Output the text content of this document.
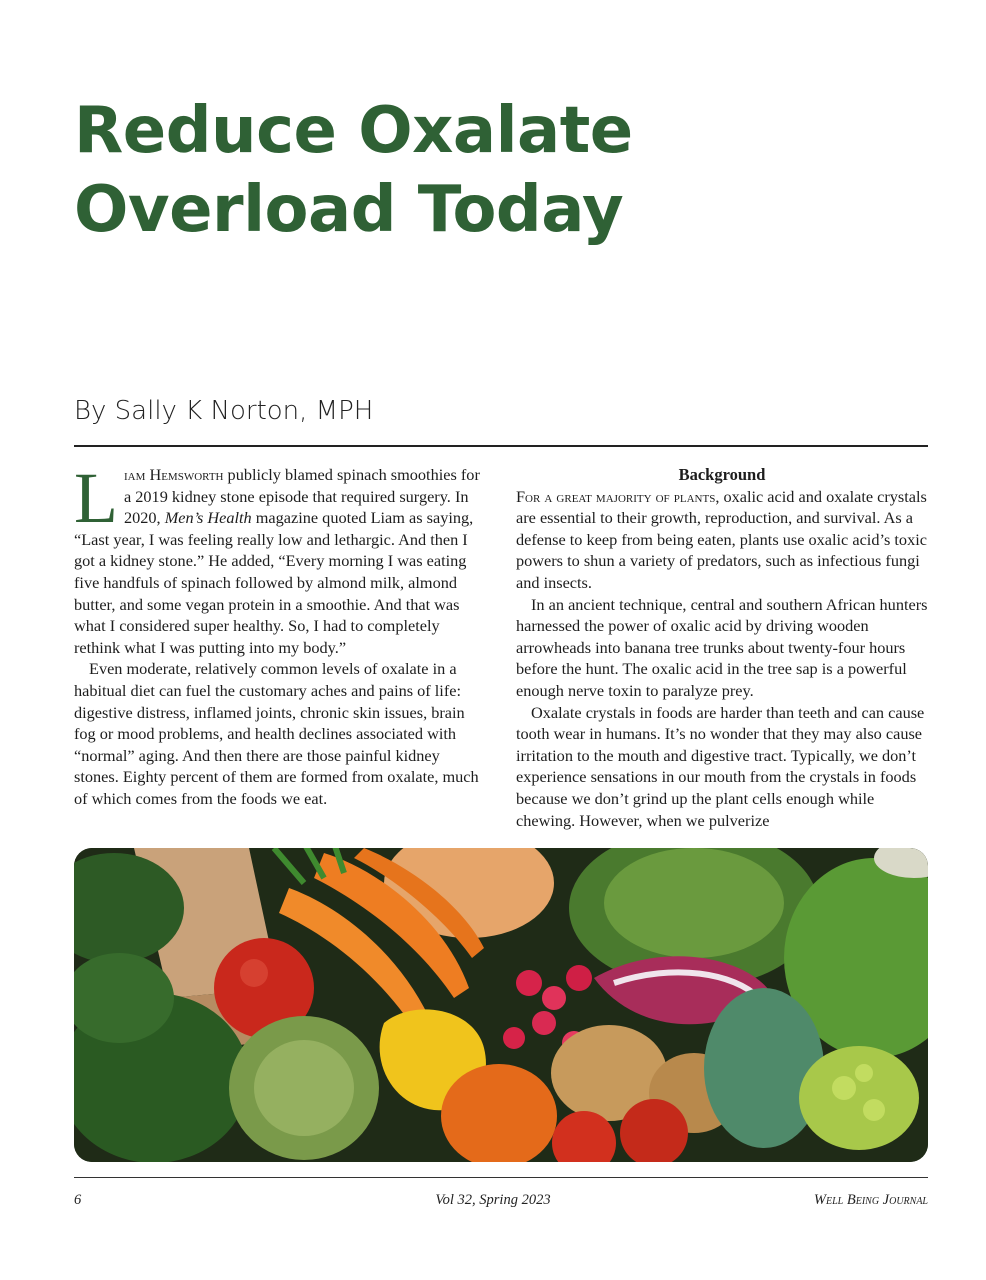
Reduce Oxalate Overload Today

By Sally K Norton, MPH

Liam Hemsworth publicly blamed spinach smoothies for a 2019 kidney stone episode that required surgery. In 2020, Men’s Health magazine quoted Liam as saying, “Last year, I was feeling really low and lethargic. And then I got a kidney stone.” He added, “Every morning I was eating five handfuls of spinach followed by almond milk, almond butter, and some vegan protein in a smoothie. And that was what I considered super healthy. So, I had to completely rethink what I was putting into my body.”

Even moderate, relatively common levels of oxalate in a habitual diet can fuel the customary aches and pains of life: digestive distress, inflamed joints, chronic skin issues, brain fog or mood problems, and health declines associated with “normal” aging. And then there are those painful kidney stones. Eighty percent of them are formed from oxalate, much of which comes from the foods we eat.

Background

For a great majority of plants, oxalic acid and oxalate crystals are essential to their growth, reproduction, and survival. As a defense to keep from being eaten, plants use oxalic acid’s toxic powers to shun a variety of predators, such as infectious fungi and insects.

In an ancient technique, central and southern African hunters harnessed the power of oxalic acid by driving wooden arrowheads into banana tree trunks about twenty-four hours before the hunt. The oxalic acid in the tree sap is a powerful enough nerve toxin to paralyze prey.

Oxalate crystals in foods are harder than teeth and can cause tooth wear in humans. It’s no wonder that they may also cause irritation to the mouth and digestive tract. Typically, we don’t experience sensations in our mouth from the crystals in foods because we don’t grind up the plant cells enough while chewing. However, when we pulverize

6	Vol 32, Spring 2023	Well Being Journal
